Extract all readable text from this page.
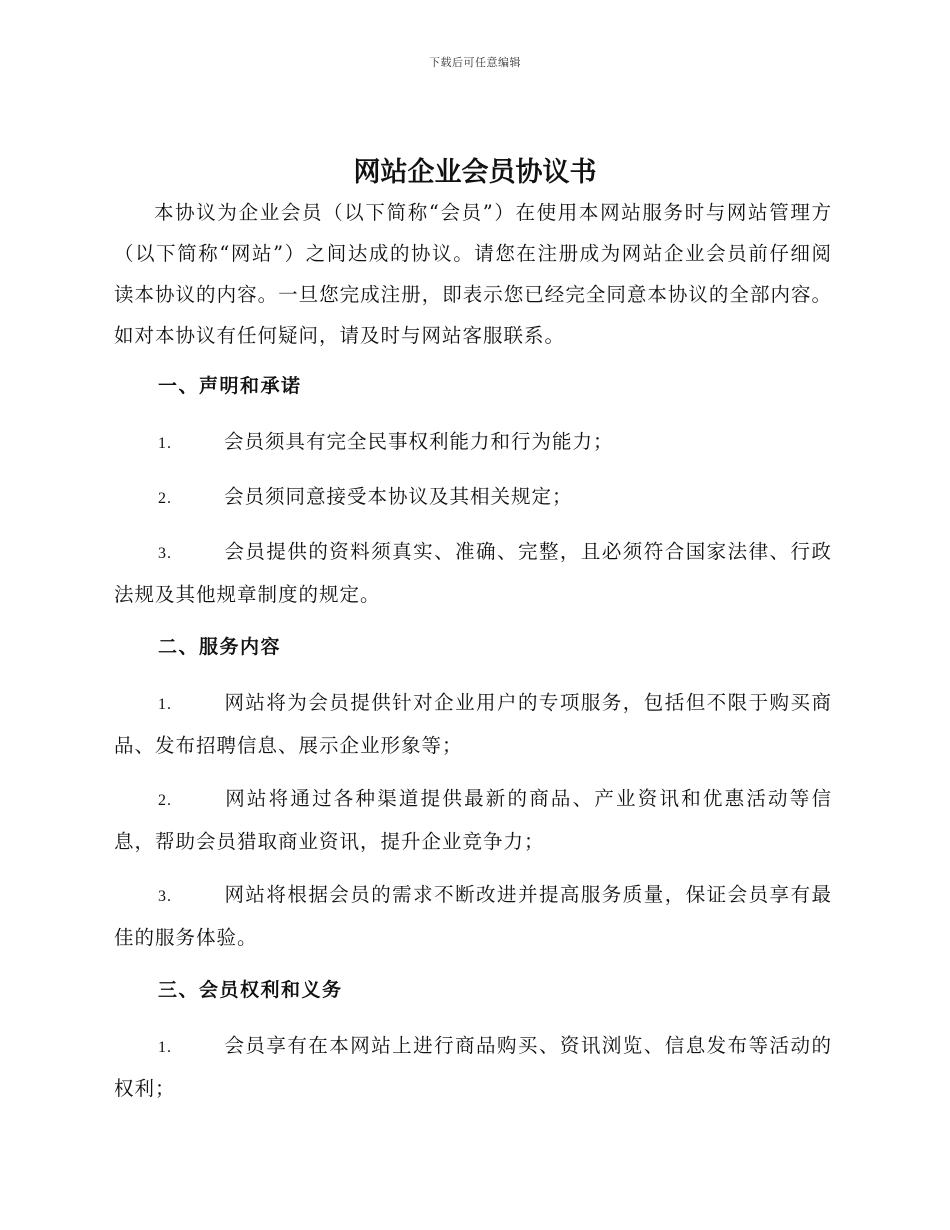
下载后可任意编辑
网站企业会员协议书

本协议为企业会员（以下简称“会员”）在使用本网站服务时与网站管理方（以下简称“网站”）之间达成的协议。请您在注册成为网站企业会员前仔细阅读本协议的内容。一旦您完成注册，即表示您已经完全同意本协议的全部内容。如对本协议有任何疑问，请及时与网站客服联系。

一、声明和承诺

1.	会员须具有完全民事权利能力和行为能力；

2.	会员须同意接受本协议及其相关规定；

3.	会员提供的资料须真实、准确、完整，且必须符合国家法律、行政法规及其他规章制度的规定。

二、服务内容

1.	网站将为会员提供针对企业用户的专项服务，包括但不限于购买商品、发布招聘信息、展示企业形象等；

2.	网站将通过各种渠道提供最新的商品、产业资讯和优惠活动等信息，帮助会员猎取商业资讯，提升企业竞争力；

3.	网站将根据会员的需求不断改进并提高服务质量，保证会员享有最佳的服务体验。

三、会员权利和义务

1.	会员享有在本网站上进行商品购买、资讯浏览、信息发布等活动的权利；
